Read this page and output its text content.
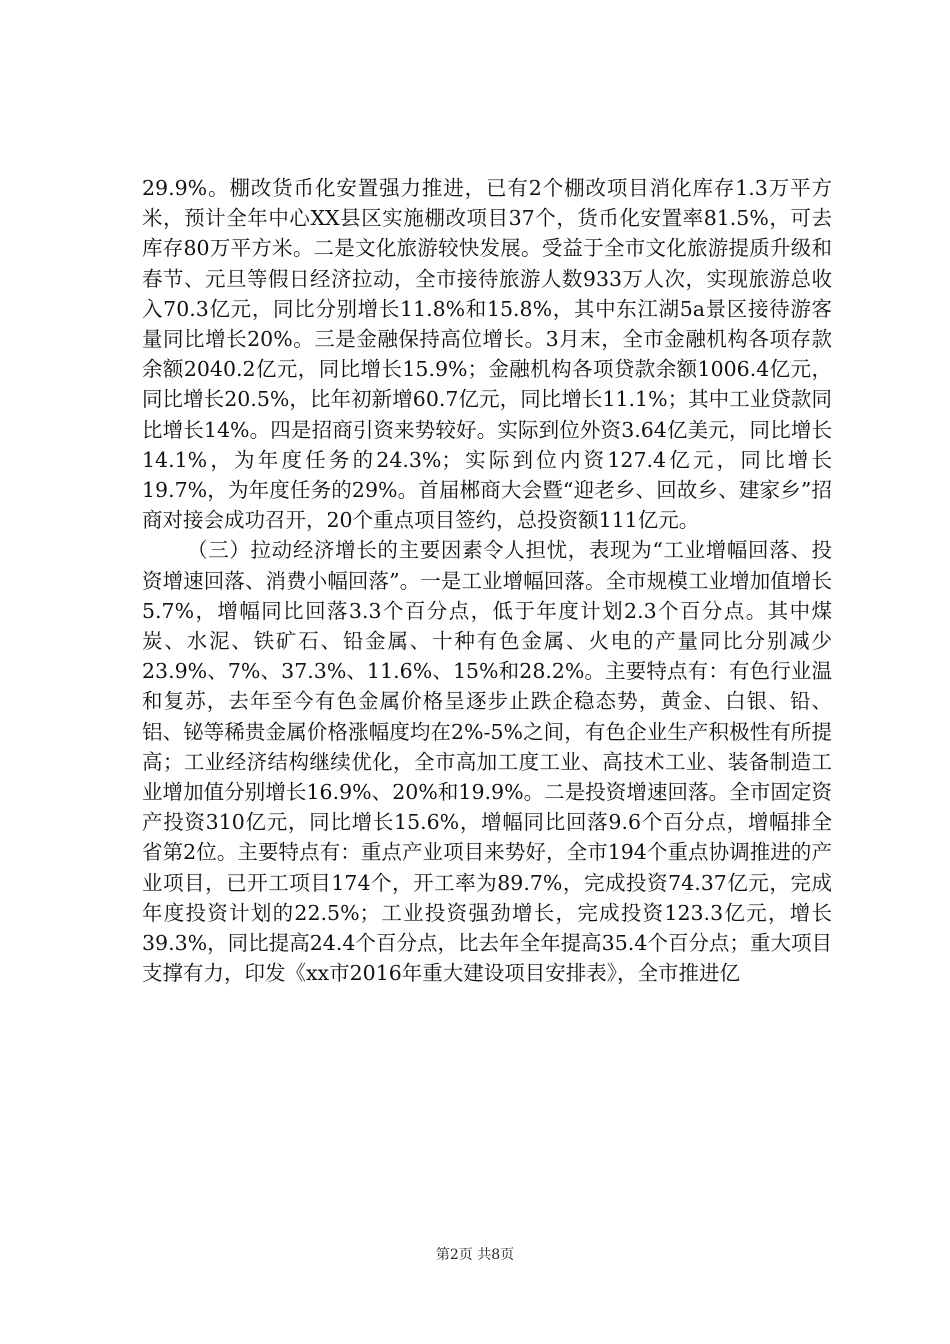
29.9%。棚改货币化安置强力推进，已有2个棚改项目消化库存1.3万平方米，预计全年中心XX县区实施棚改项目37个，货币化安置率81.5%，可去库存80万平方米。二是文化旅游较快发展。受益于全市文化旅游提质升级和春节、元旦等假日经济拉动，全市接待旅游人数933万人次，实现旅游总收入70.3亿元，同比分别增长11.8%和15.8%，其中东江湖5a景区接待游客量同比增长20%。三是金融保持高位增长。3月末，全市金融机构各项存款余额2040.2亿元，同比增长15.9%；金融机构各项贷款余额1006.4亿元，同比增长20.5%，比年初新增60.7亿元，同比增长11.1%；其中工业贷款同比增长14%。四是招商引资来势较好。实际到位外资3.64亿美元，同比增长14.1%，为年度任务的24.3%；实际到位内资127.4亿元，同比增长19.7%，为年度任务的29%。首届郴商大会暨“迎老乡、回故乡、建家乡”招商对接会成功召开，20个重点项目签约，总投资额111亿元。

（三）拉动经济增长的主要因素令人担忧，表现为“工业增幅回落、投资增速回落、消费小幅回落”。一是工业增幅回落。全市规模工业增加值增长5.7%，增幅同比回落3.3个百分点，低于年度计划2.3个百分点。其中煤炭、水泥、铁矿石、铅金属、十种有色金属、火电的产量同比分别减少23.9%、7%、37.3%、11.6%、15%和28.2%。主要特点有：有色行业温和复苏，去年至今有色金属价格呈逐步止跌企稳态势，黄金、白银、铅、铝、铋等稀贵金属价格涨幅度均在2%-5%之间，有色企业生产积极性有所提高；工业经济结构继续优化，全市高加工度工业、高技术工业、装备制造工业增加值分别增长16.9%、20%和19.9%。二是投资增速回落。全市固定资产投资310亿元，同比增长15.6%，增幅同比回落9.6个百分点，增幅排全省第2位。主要特点有：重点产业项目来势好，全市194个重点协调推进的产业项目，已开工项目174个，开工率为89.7%，完成投资74.37亿元，完成年度投资计划的22.5%；工业投资强劲增长，完成投资123.3亿元，增长39.3%，同比提高24.4个百分点，比去年全年提高35.4个百分点；重大项目支撑有力，印发《xx市2016年重大建设项目安排表》，全市推进亿

第2页 共8页
